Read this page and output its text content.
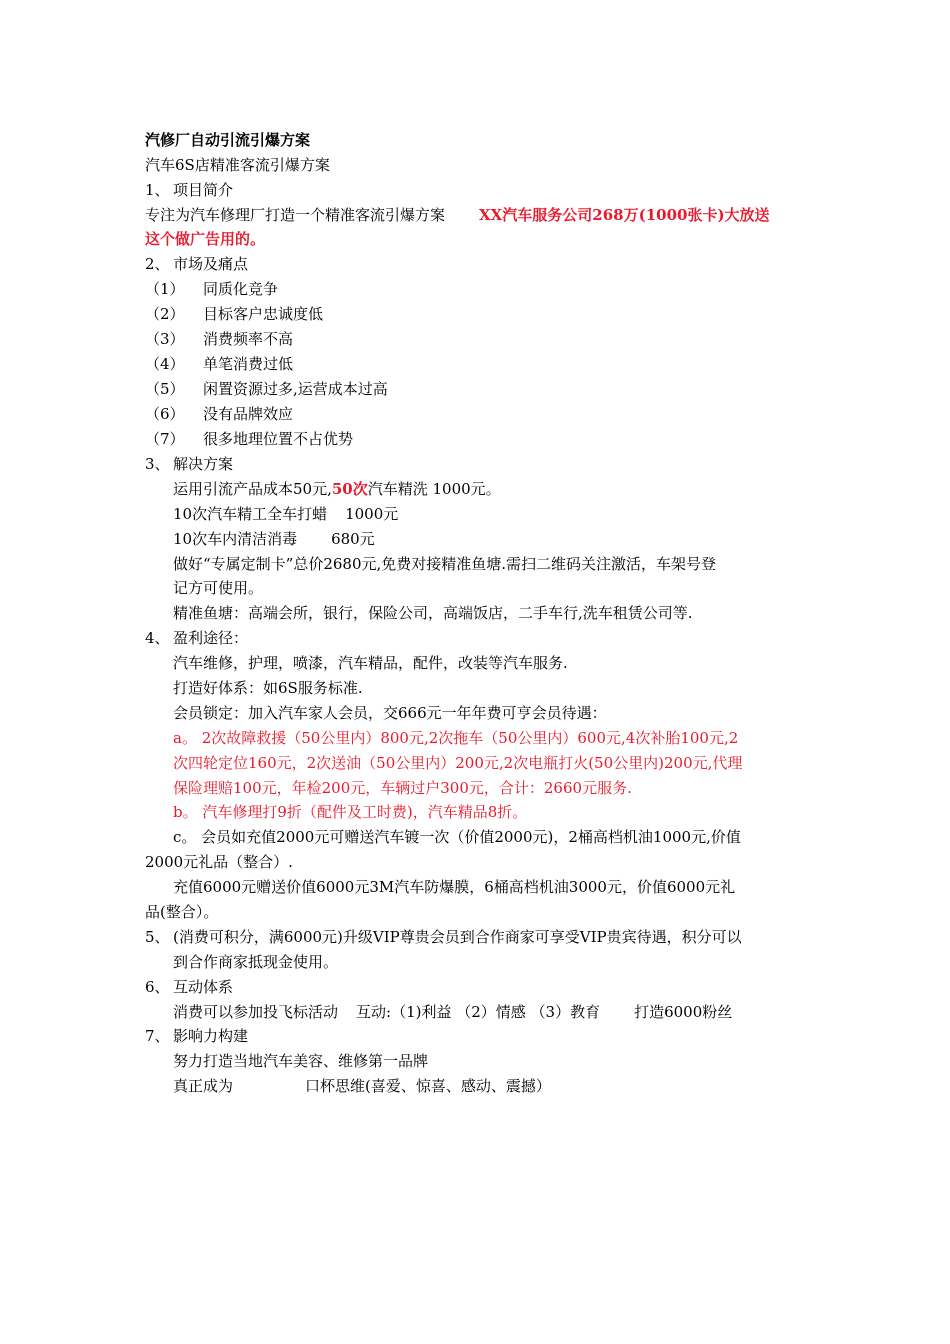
汽修厂自动引流引爆方案
汽车6S店精准客流引爆方案
1、 项目简介
专注为汽车修理厂打造一个精准客流引爆方案 XX汽车服务公司268万(1000张卡)大放送
这个做广告用的。
2、 市场及痛点
（1） 同质化竞争
（2） 目标客户忠诚度低
（3） 消费频率不高
（4） 单笔消费过低
（5） 闲置资源过多,运营成本过高
（6） 没有品牌效应
（7） 很多地理位置不占优势
3、 解决方案
运用引流产品成本50元,50次汽车精洗 1000元。
10次汽车精工全车打蜡 1000元
10次车内清洁消毒 680元
做好“专属定制卡”总价2680元,免费对接精准鱼塘.需扫二维码关注激活，车架号登
记方可使用。
精准鱼塘：高端会所，银行，保险公司，高端饭店，二手车行,洗车租赁公司等.
4、 盈利途径：
汽车维修，护理，喷漆，汽车精品，配件，改装等汽车服务.
打造好体系：如6S服务标准.
会员锁定：加入汽车家人会员，交666元一年年费可亨会员待遇：
a。 2次故障救援（50公里内）800元,2次拖车（50公里内）600元,4次补胎100元,2
次四轮定位160元，2次送油（50公里内）200元,2次电瓶打火(50公里内)200元,代理
保险理赔100元，年检200元，车辆过户300元，合计：2660元服务.
b。 汽车修理打9折（配件及工时费)，汽车精品8折。
c。 会员如充值2000元可赠送汽车镀一次（价值2000元)，2桶高档机油1000元,价值
2000元礼品（整合）.
充值6000元赠送价值6000元3M汽车防爆膜，6桶高档机油3000元，价值6000元礼
品(整合）。
5、 (消费可积分，满6000元)升级VIP尊贵会员到合作商家可享受VIP贵宾待遇，积分可以
到合作商家抵现金使用。
6、 互动体系
消费可以参加投飞标活动 互动:（1)利益 （2）情感 （3）教育 打造6000粉丝
7、 影响力构建
努力打造当地汽车美容、维修第一品牌
真正成为	口杯思维(喜爱、惊喜、感动、震撼）
